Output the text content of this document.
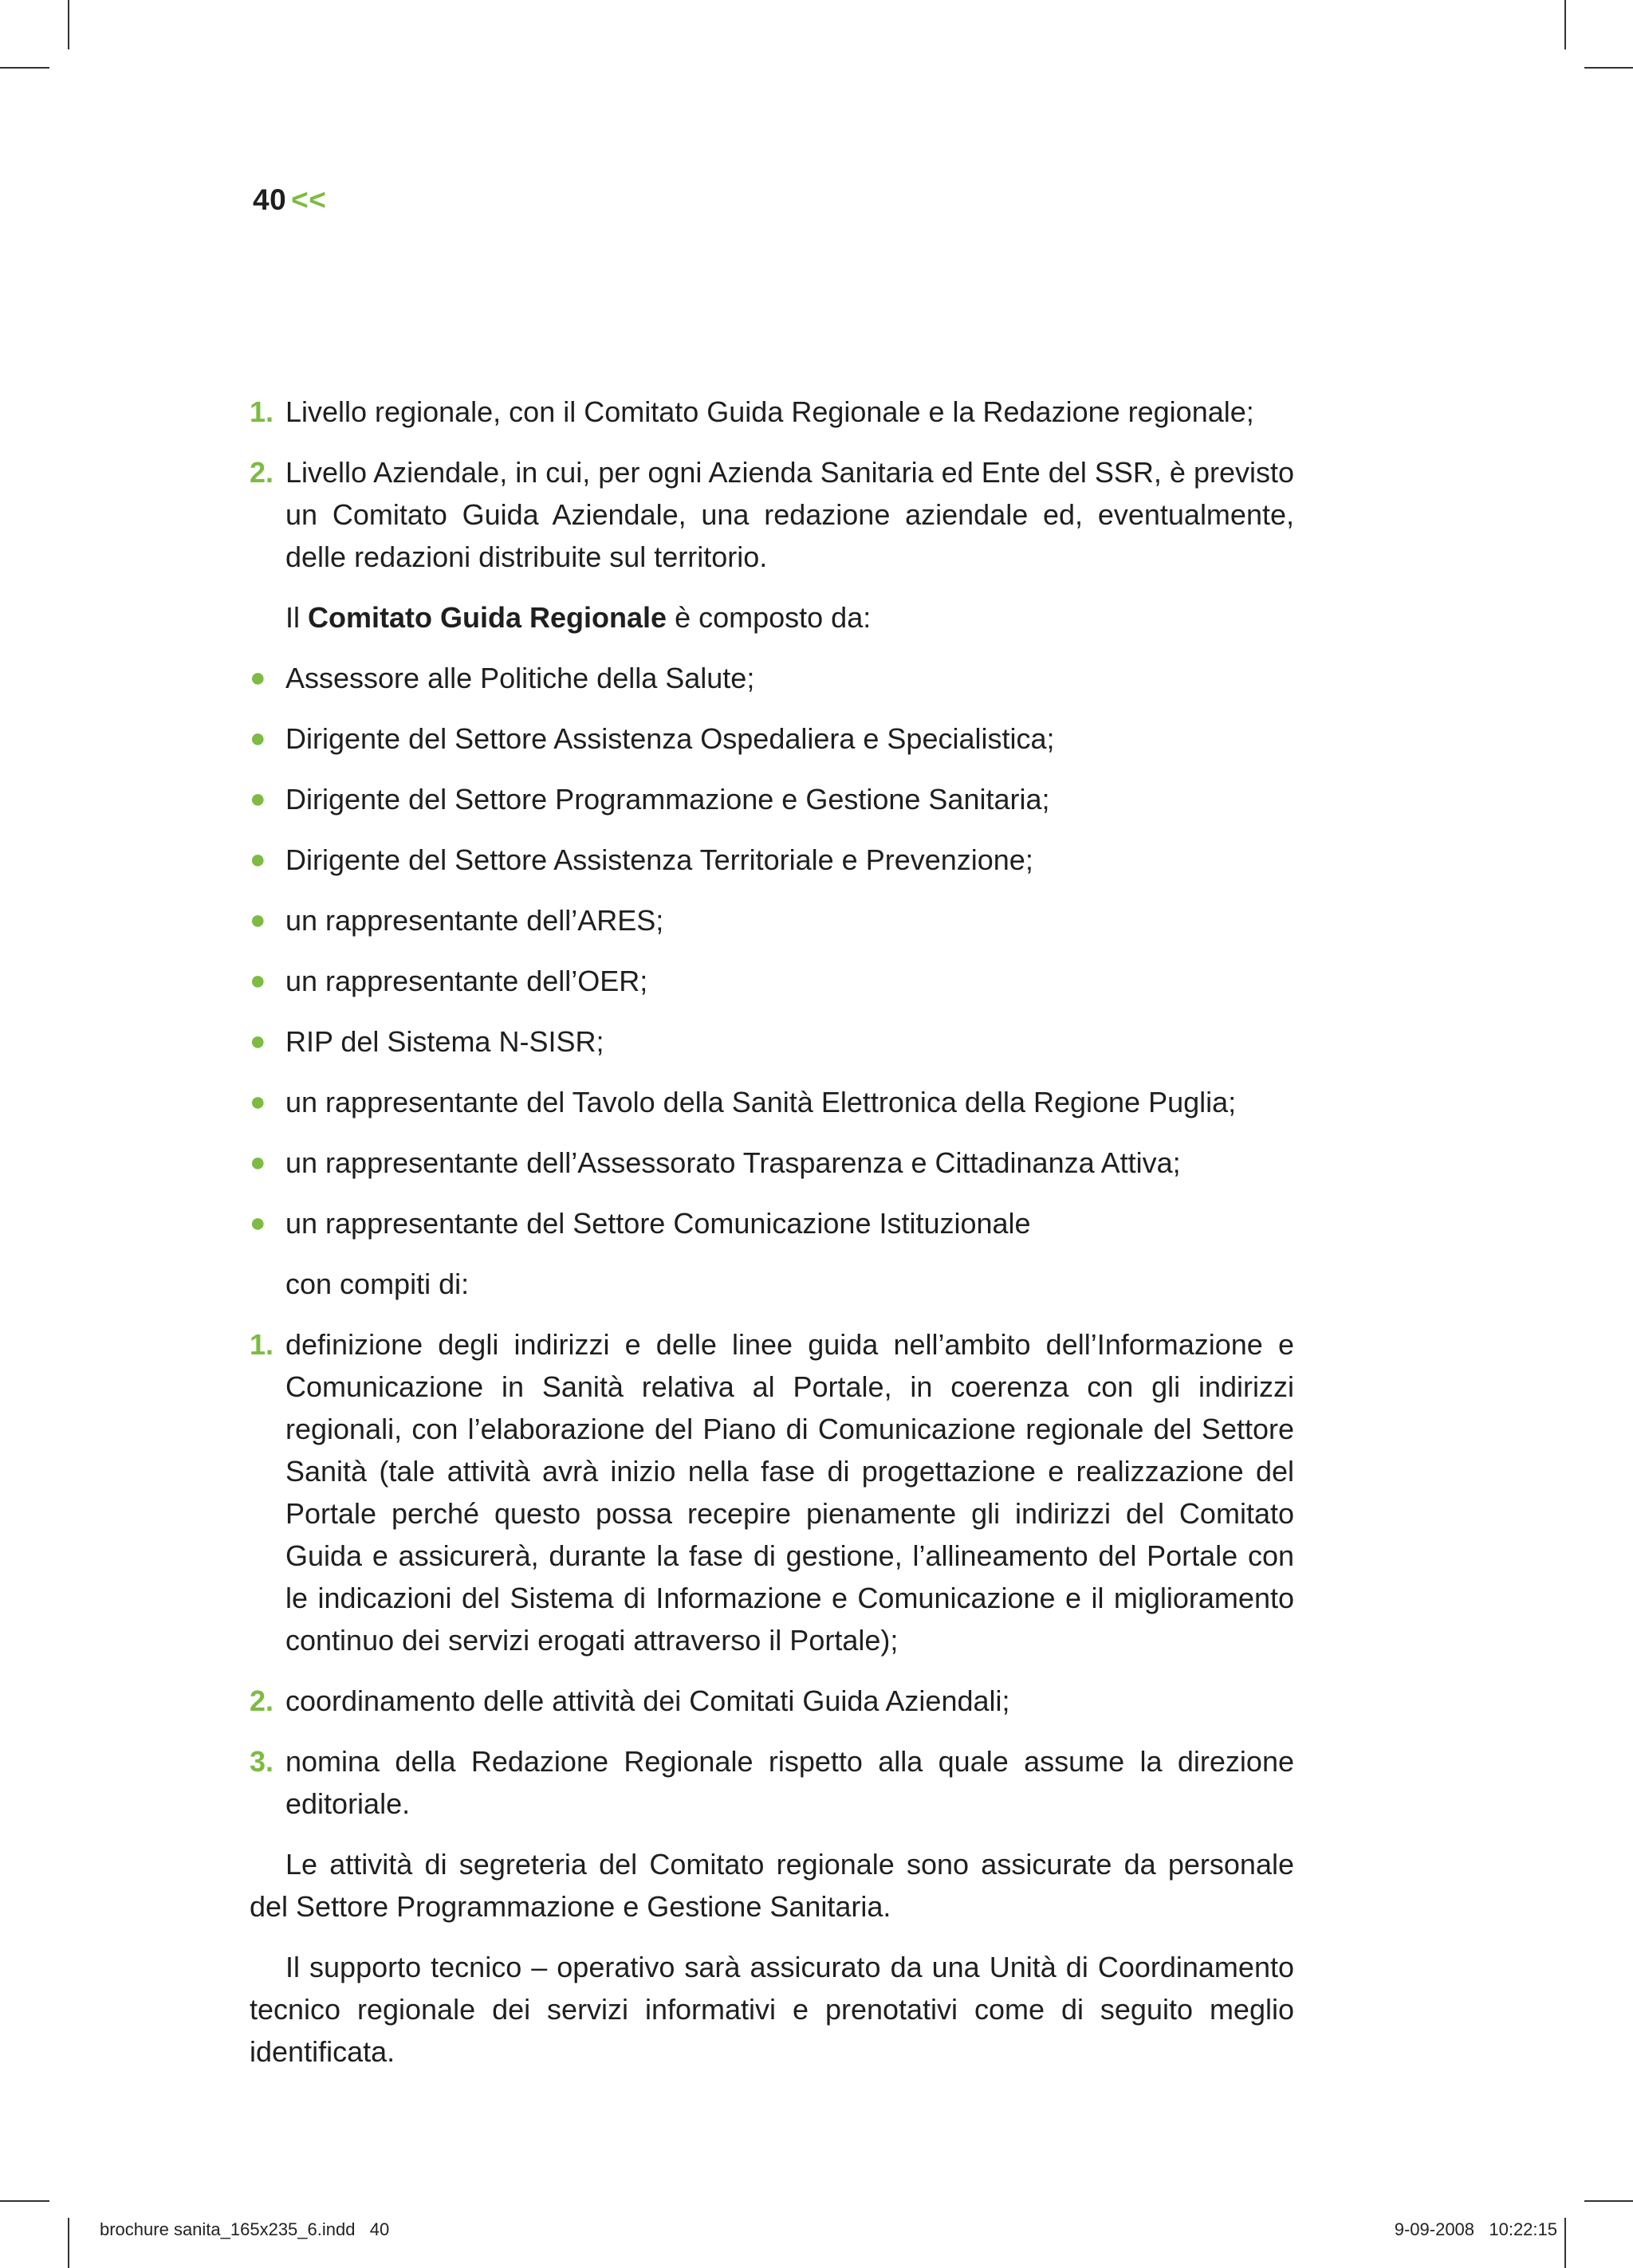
40 <<
1. Livello regionale, con il Comitato Guida Regionale e la Redazione regionale;
2. Livello Aziendale, in cui, per ogni Azienda Sanitaria ed Ente del SSR, è previsto un Comitato Guida Aziendale, una redazione aziendale ed, eventualmente, delle redazioni distribuite sul territorio.
Il Comitato Guida Regionale è composto da:
● Assessore alle Politiche della Salute;
● Dirigente del Settore Assistenza Ospedaliera e Specialistica;
● Dirigente del Settore Programmazione e Gestione Sanitaria;
● Dirigente del Settore Assistenza Territoriale e Prevenzione;
● un rappresentante dell’ARES;
● un rappresentante dell’OER;
● RIP del Sistema N-SISR;
● un rappresentante del Tavolo della Sanità Elettronica della Regione Puglia;
● un rappresentante dell’Assessorato Trasparenza e Cittadinanza Attiva;
● un rappresentante del Settore Comunicazione Istituzionale
con compiti di:
1. definizione degli indirizzi e delle linee guida nell’ambito dell’Informazione e Comunicazione in Sanità relativa al Portale, in coerenza con gli indirizzi regionali, con l’elaborazione del Piano di Comunicazione regionale del Settore Sanità (tale attività avrà inizio nella fase di progettazione e realizzazione del Portale perché questo possa recepire pienamente gli indirizzi del Comitato Guida e assicurerà, durante la fase di gestione, l’allineamento del Portale con le indicazioni del Sistema di Informazione e Comunicazione e il miglioramento continuo dei servizi erogati attraverso il Portale);
2. coordinamento delle attività dei Comitati Guida Aziendali;
3. nomina della Redazione Regionale rispetto alla quale assume la direzione editoriale.
Le attività di segreteria del Comitato regionale sono assicurate da personale del Settore Programmazione e Gestione Sanitaria.
Il supporto tecnico – operativo sarà assicurato da una Unità di Coordinamento tecnico regionale dei servizi informativi e prenotativi come di seguito meglio identificata.
brochure sanita_165x235_6.indd   40	9-09-2008   10:22:15
